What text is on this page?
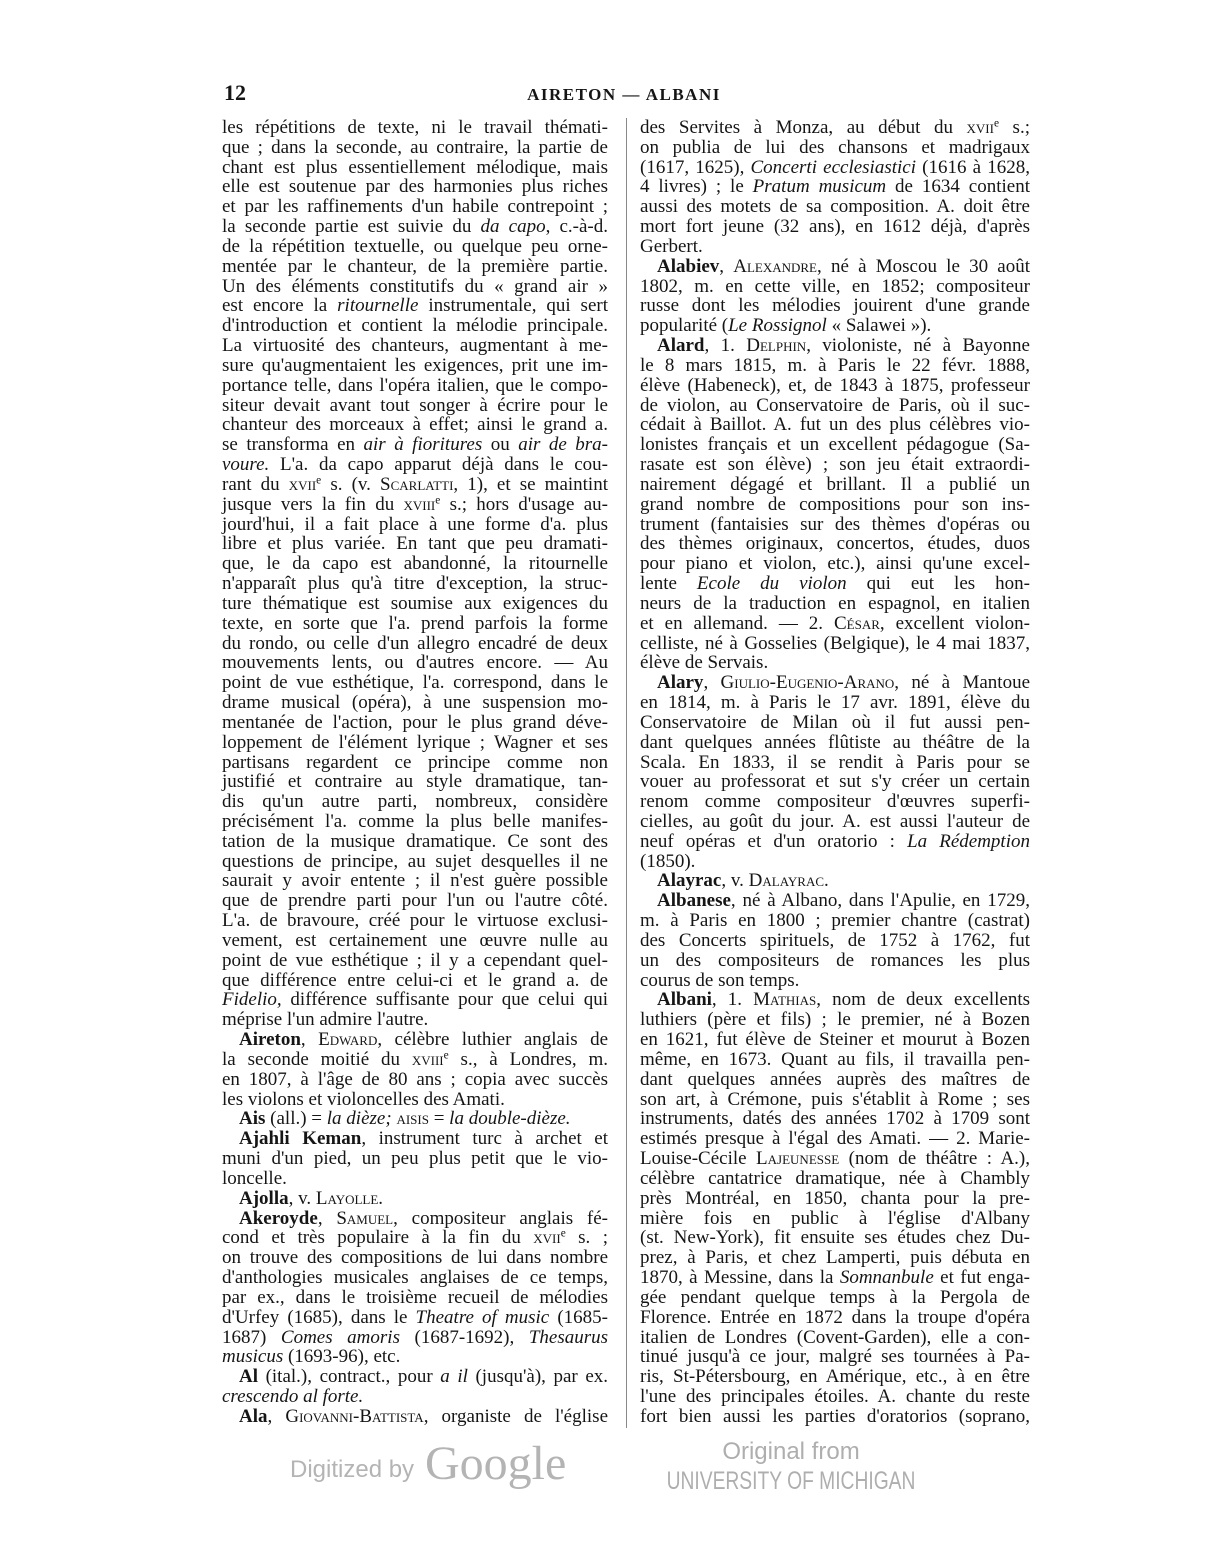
12	AIRETON — ALBANI
les répétitions de texte, ni le travail thémati-
que ; dans la seconde, au contraire, la partie de
chant est plus essentiellement mélodique, mais
elle est soutenue par des harmonies plus riches
et par les raffinements d'un habile contrepoint ;
la seconde partie est suivie du da capo, c.-à-d.
de la répétition textuelle, ou quelque peu orne-
mentée par le chanteur, de la première partie.
Un des éléments constitutifs du « grand air »
est encore la ritournelle instrumentale, qui sert
d'introduction et contient la mélodie principale.
La virtuosité des chanteurs, augmentant à me-
sure qu'augmentaient les exigences, prit une im-
portance telle, dans l'opéra italien, que le compo-
siteur devait avant tout songer à écrire pour le
chanteur des morceaux à effet; ainsi le grand a.
se transforma en air à fioritures ou air de bra-
voure. L'a. da capo apparut déjà dans le cou-
rant du xvii$^e$ s. (v. Scarlatti, 1), et se maintint
jusque vers la fin du xviii$^e$ s.; hors d'usage au-
jourd'hui, il a fait place à une forme d'a. plus
libre et plus variée. En tant que peu dramati-
que, le da capo est abandonné, la ritournelle
n'apparaît plus qu'à titre d'exception, la struc-
ture thématique est soumise aux exigences du
texte, en sorte que l'a. prend parfois la forme
du rondo, ou celle d'un allegro encadré de deux
mouvements lents, ou d'autres encore. — Au
point de vue esthétique, l'a. correspond, dans le
drame musical (opéra), à une suspension mo-
mentanée de l'action, pour le plus grand déve-
loppement de l'élément lyrique ; Wagner et ses
partisans regardent ce principe comme non
justifié et contraire au style dramatique, tan-
dis qu'un autre parti, nombreux, considère
précisément l'a. comme la plus belle manifes-
tation de la musique dramatique. Ce sont des
questions de principe, au sujet desquelles il ne
saurait y avoir entente ; il n'est guère possible
que de prendre parti pour l'un ou l'autre côté.
L'a. de bravoure, créé pour le virtuose exclusi-
vement, est certainement une œuvre nulle au
point de vue esthétique ; il y a cependant quel-
que différence entre celui-ci et le grand a. de
Fidelio, différence suffisante pour que celui qui
méprise l'un admire l'autre.
Aireton, Edward, célèbre luthier anglais de
la seconde moitié du xviii$^e$ s., à Londres, m.
en 1807, à l'âge de 80 ans ; copia avec succès
les violons et violoncelles des Amati.
Ais (all.) = la dièze; aisis = la double-dièze.
Ajahli Keman, instrument turc à archet et
muni d'un pied, un peu plus petit que le vio-
loncelle.
Ajolla, v. Layolle.
Akeroyde, Samuel, compositeur anglais fé-
cond et très populaire à la fin du xvii$^e$ s. ;
on trouve des compositions de lui dans nombre
d'anthologies musicales anglaises de ce temps,
par ex., dans le troisième recueil de mélodies
d'Urfey (1685), dans le Theatre of music (1685-
1687) Comes amoris (1687-1692), Thesaurus
musicus (1693-96), etc.
Al (ital.), contract., pour a il (jusqu'à), par ex.
crescendo al forte.
Ala, Giovanni-Battista, organiste de l'église
des Servites à Monza, au début du xvii$^e$ s.;
on publia de lui des chansons et madrigaux
(1617, 1625), Concerti ecclesiastici (1616 à 1628,
4 livres) ; le Pratum musicum de 1634 contient
aussi des motets de sa composition. A. doit être
mort fort jeune (32 ans), en 1612 déjà, d'après
Gerbert.
Alabiev, Alexandre, né à Moscou le 30 août
1802, m. en cette ville, en 1852; compositeur
russe dont les mélodies jouirent d'une grande
popularité (Le Rossignol « Salawei »).
Alard, 1. Delphin, violoniste, né à Bayonne
le 8 mars 1815, m. à Paris le 22 févr. 1888,
élève (Habeneck), et, de 1843 à 1875, professeur
de violon, au Conservatoire de Paris, où il suc-
cédait à Baillot. A. fut un des plus célèbres vio-
lonistes français et un excellent pédagogue (Sa-
rasate est son élève) ; son jeu était extraordi-
nairement dégagé et brillant. Il a publié un
grand nombre de compositions pour son ins-
trument (fantaisies sur des thèmes d'opéras ou
des thèmes originaux, concertos, études, duos
pour piano et violon, etc.), ainsi qu'une excel-
lente Ecole du violon qui eut les hon-
neurs de la traduction en espagnol, en italien
et en allemand. — 2. César, excellent violon-
celliste, né à Gosselies (Belgique), le 4 mai 1837,
élève de Servais.
Alary, Giulio-Eugenio-Arano, né à Mantoue
en 1814, m. à Paris le 17 avr. 1891, élève du
Conservatoire de Milan où il fut aussi pen-
dant quelques années flûtiste au théâtre de la
Scala. En 1833, il se rendit à Paris pour se
vouer au professorat et sut s'y créer un certain
renom comme compositeur d'œuvres superfi-
cielles, au goût du jour. A. est aussi l'auteur de
neuf opéras et d'un oratorio : La Rédemption
(1850).
Alayrac, v. Dalayrac.
Albanese, né à Albano, dans l'Apulie, en 1729,
m. à Paris en 1800 ; premier chantre (castrat)
des Concerts spirituels, de 1752 à 1762, fut
un des compositeurs de romances les plus
courus de son temps.
Albani, 1. Mathias, nom de deux excellents
luthiers (père et fils) ; le premier, né à Bozen
en 1621, fut élève de Steiner et mourut à Bozen
même, en 1673. Quant au fils, il travailla pen-
dant quelques années auprès des maîtres de
son art, à Crémone, puis s'établit à Rome ; ses
instruments, datés des années 1702 à 1709 sont
estimés presque à l'égal des Amati. — 2. Marie-
Louise-Cécile Lajeunesse (nom de théâtre : A.),
célèbre cantatrice dramatique, née à Chambly
près Montréal, en 1850, chanta pour la pre-
mière fois en public à l'église d'Albany
(st. New-York), fit ensuite ses études chez Du-
prez, à Paris, et chez Lamperti, puis débuta en
1870, à Messine, dans la Somnanbule et fut enga-
gée pendant quelque temps à la Pergola de
Florence. Entrée en 1872 dans la troupe d'opéra
italien de Londres (Covent-Garden), elle a con-
tinué jusqu'à ce jour, malgré ses tournées à Pa-
ris, St-Pétersbourg, en Amérique, etc., à en être
l'une des principales étoiles. A. chante du reste
fort bien aussi les parties d'oratorios (soprano,
Digitized by Google	Original from
UNIVERSITY OF MICHIGAN
